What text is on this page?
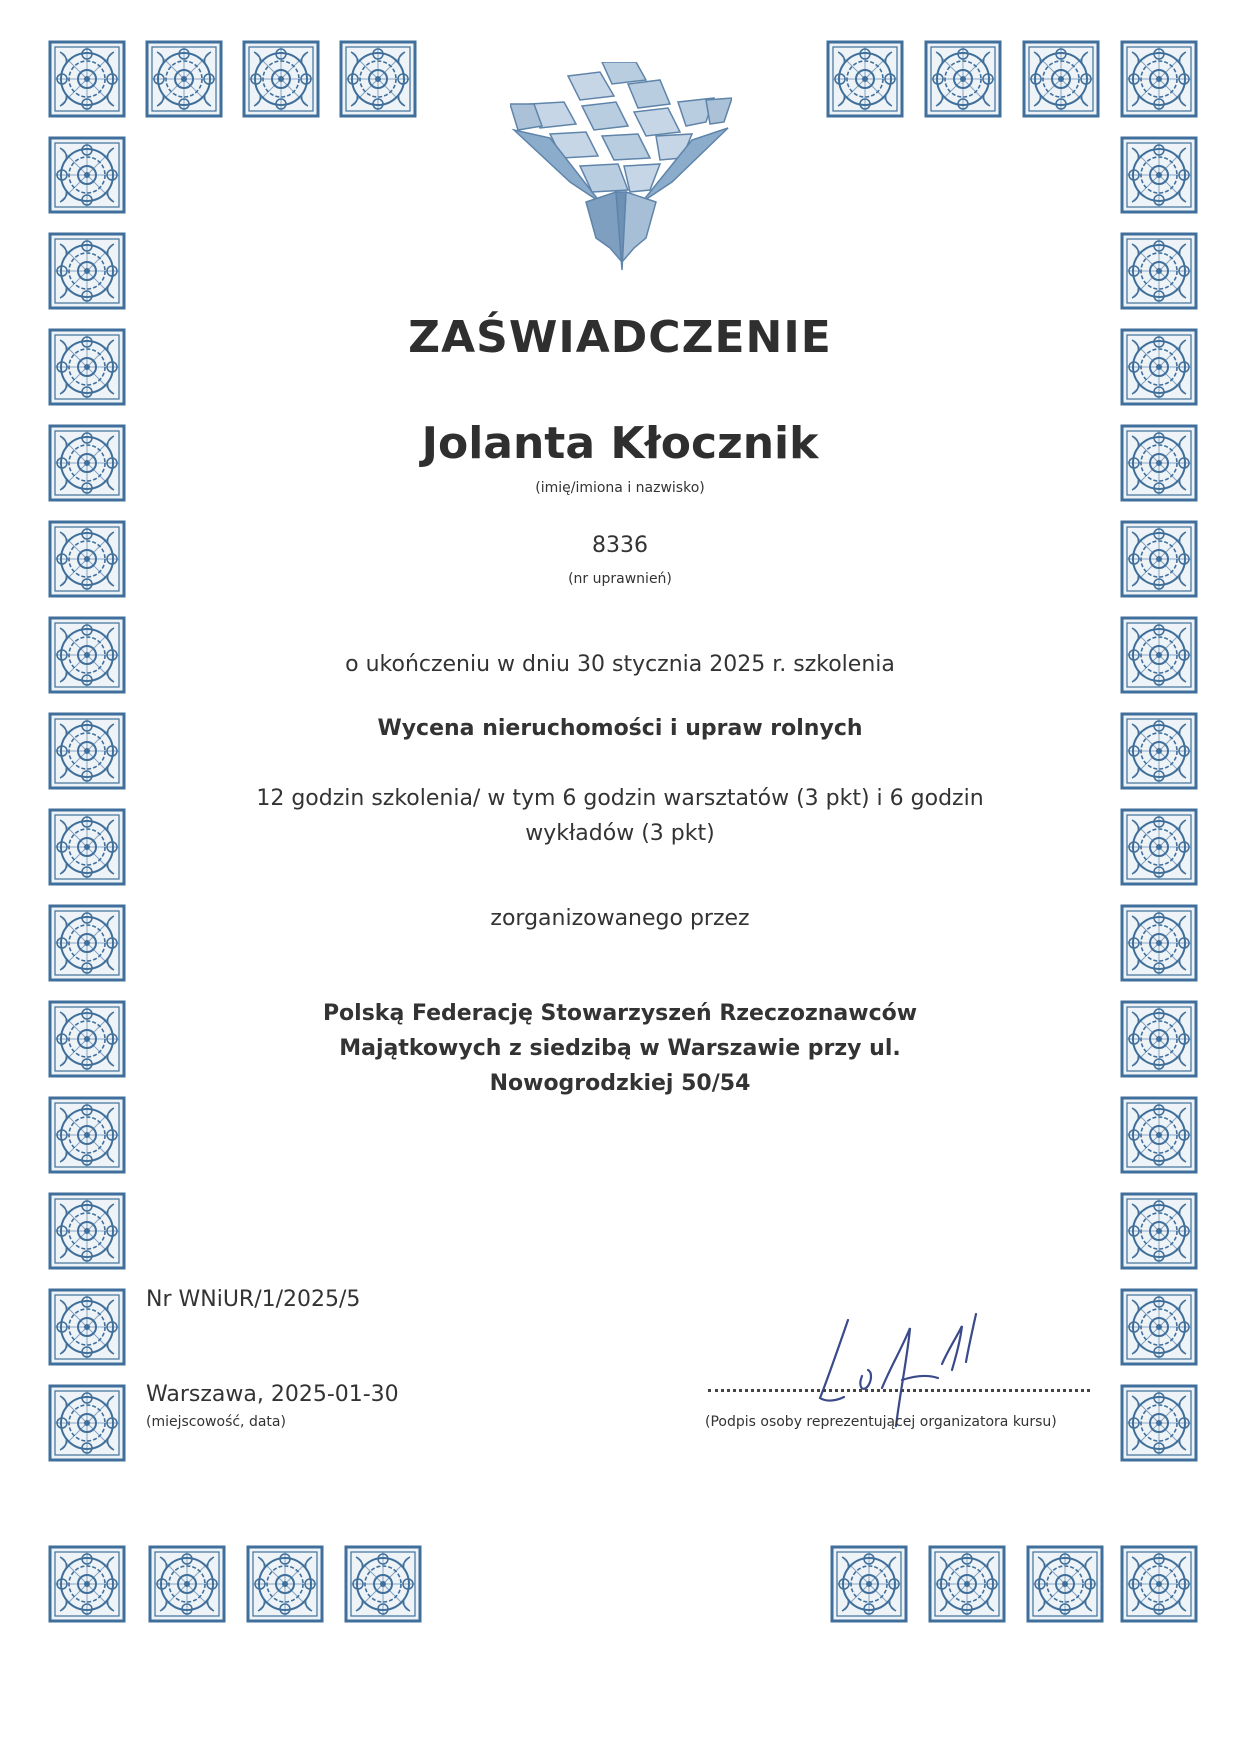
ZAŚWIADCZENIE
Jolanta Kłocznik
(imię/imiona i nazwisko)
8336
(nr uprawnień)
o ukończeniu w dniu 30 stycznia 2025 r. szkolenia
Wycena nieruchomości i upraw rolnych
12 godzin szkolenia/ w tym 6 godzin warsztatów (3 pkt) i 6 godzin wykładów (3 pkt)
zorganizowanego przez
Polską Federację Stowarzyszeń Rzeczoznawców Majątkowych z siedzibą w Warszawie przy ul. Nowogrodzkiej 50/54
Nr WNiUR/1/2025/5
Warszawa, 2025-01-30
(miejscowość, data)	(Podpis osoby reprezentującej organizatora kursu)
